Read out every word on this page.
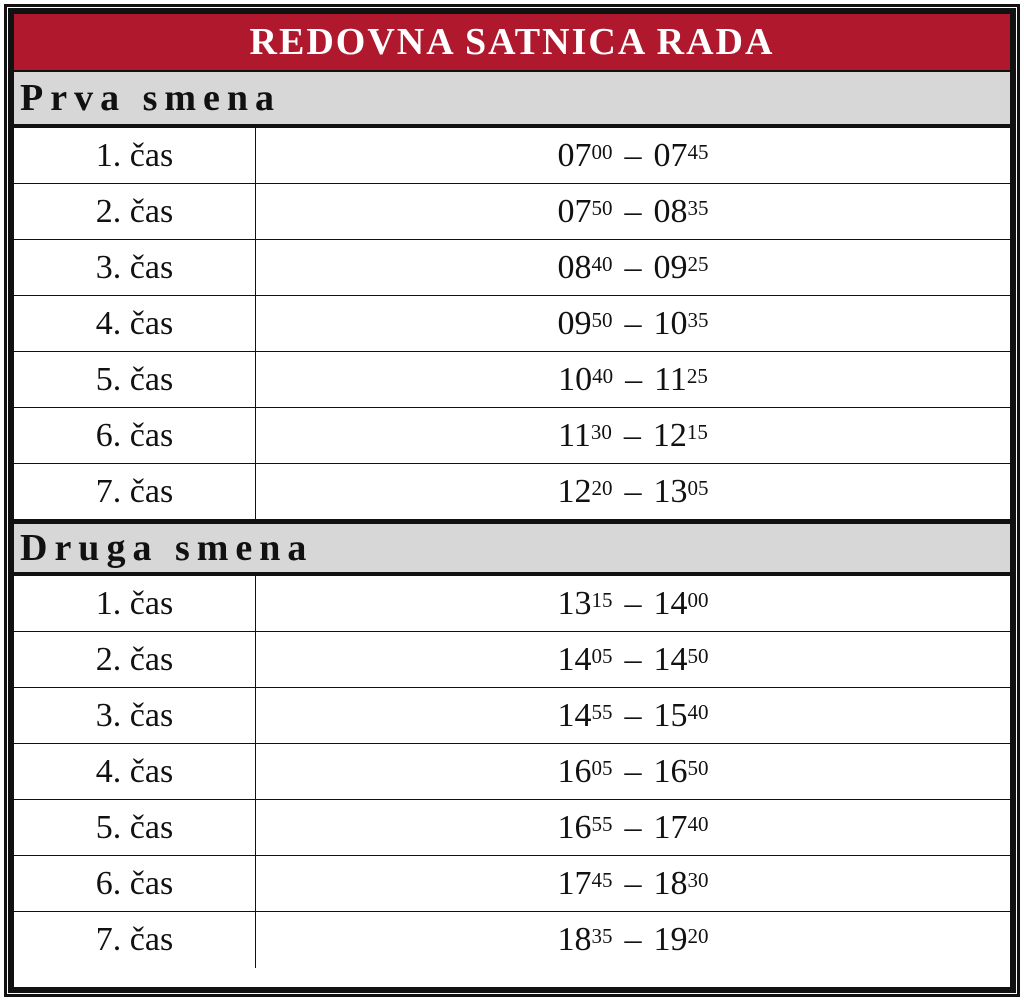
REDOVNA SATNICA RADA
Prva smena
1. čas	$07^{00} - 07^{45}$
2. čas	$07^{50} - 08^{35}$
3. čas	$08^{40} - 09^{25}$
4. čas	$09^{50} - 10^{35}$
5. čas	$10^{40} - 11^{25}$
6. čas	$11^{30} - 12^{15}$
7. čas	$12^{20} - 13^{05}$
Druga smena
1. čas	$13^{15} - 14^{00}$
2. čas	$14^{05} - 14^{50}$
3. čas	$14^{55} - 15^{40}$
4. čas	$16^{05} - 16^{50}$
5. čas	$16^{55} - 17^{40}$
6. čas	$17^{45} - 18^{30}$
7. čas	$18^{35} - 19^{20}$
